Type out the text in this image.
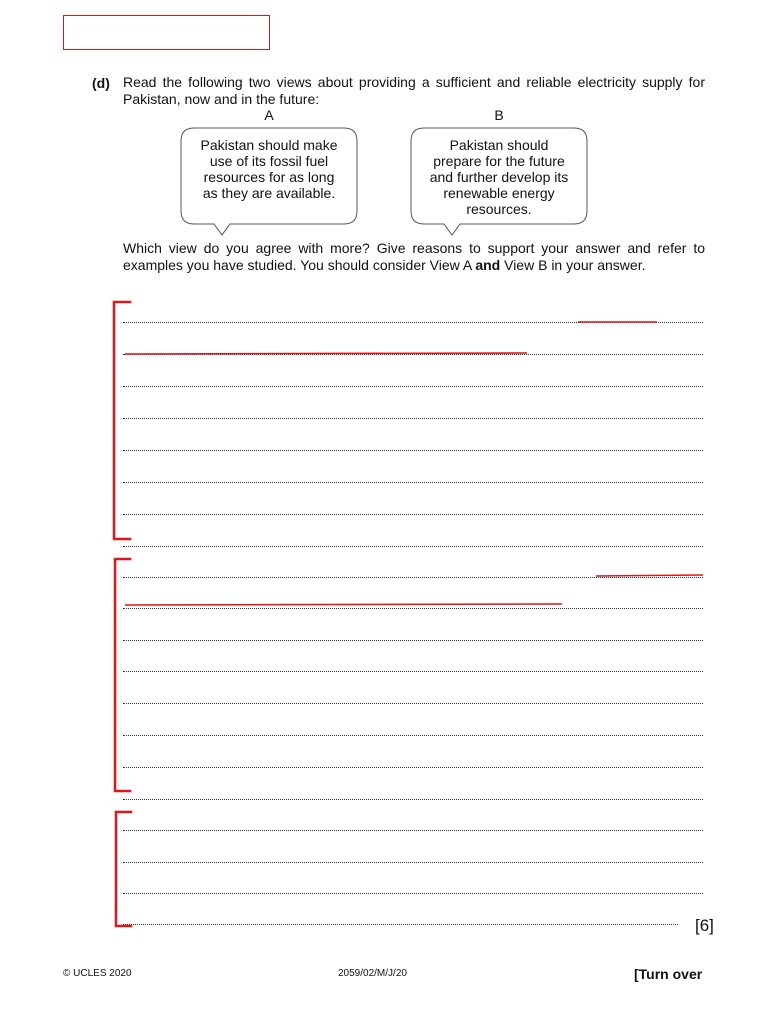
(d) Read the following two views about providing a sufficient and reliable electricity supply for Pakistan, now and in the future:
A	B
Pakistan should make use of its fossil fuel resources for as long as they are available.
Pakistan should prepare for the future and further develop its renewable energy resources.
Which view do you agree with more? Give reasons to support your answer and refer to examples you have studied. You should consider View A and View B in your answer.
[6]
© UCLES 2020	2059/02/M/J/20	[Turn over
